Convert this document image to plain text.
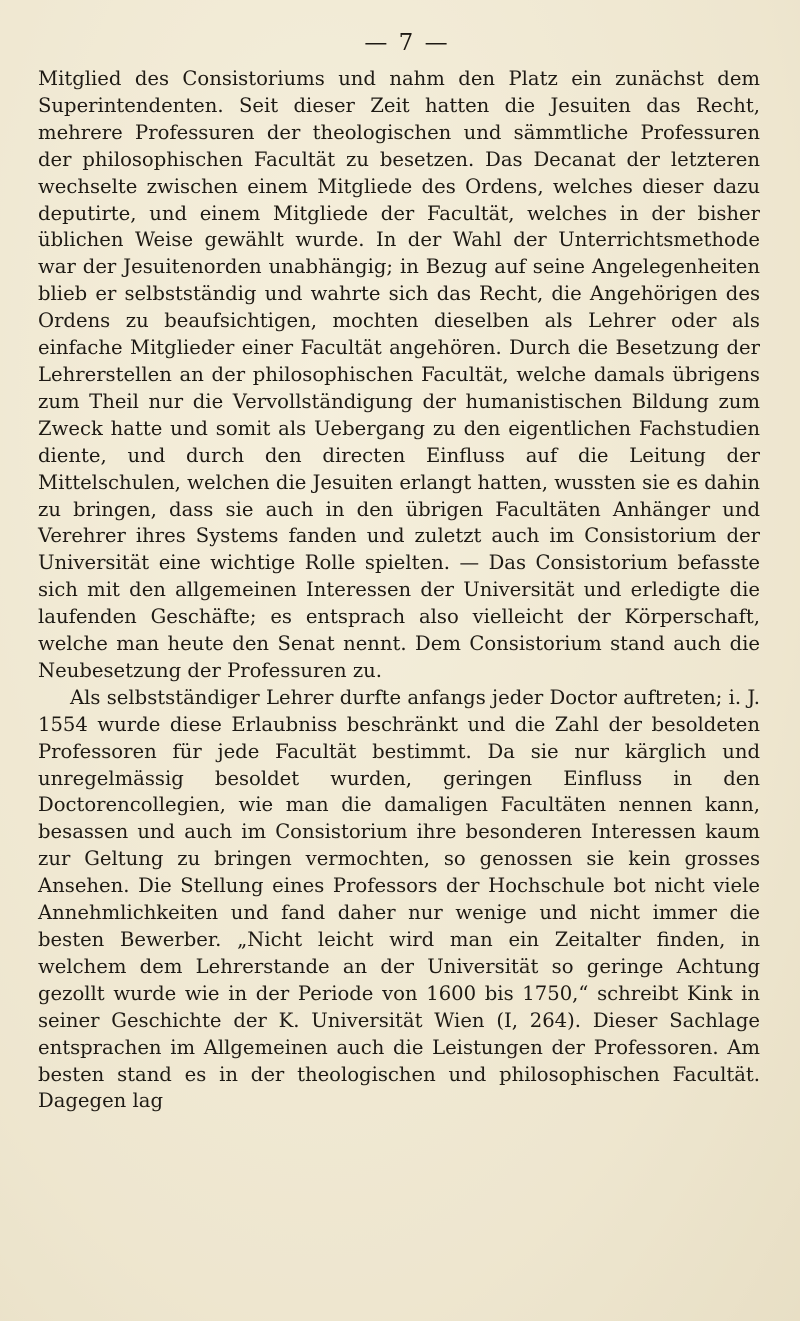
— 7 —

Mitglied des Consistoriums und nahm den Platz ein zunächst dem Superintendenten. Seit dieser Zeit hatten die Jesuiten das Recht, mehrere Professuren der theologischen und sämmtliche Professuren der philosophischen Facultät zu besetzen. Das Decanat der letzteren wechselte zwischen einem Mitgliede des Ordens, welches dieser dazu deputirte, und einem Mitgliede der Facultät, welches in der bisher üblichen Weise gewählt wurde. In der Wahl der Unterrichtsmethode war der Jesuitenorden unabhängig; in Bezug auf seine Angelegenheiten blieb er selbstständig und wahrte sich das Recht, die Angehörigen des Ordens zu beaufsichtigen, mochten dieselben als Lehrer oder als einfache Mitglieder einer Facultät angehören. Durch die Besetzung der Lehrerstellen an der philosophischen Facultät, welche damals übrigens zum Theil nur die Vervollständigung der humanistischen Bildung zum Zweck hatte und somit als Uebergang zu den eigentlichen Fachstudien diente, und durch den directen Einfluss auf die Leitung der Mittelschulen, welchen die Jesuiten erlangt hatten, wussten sie es dahin zu bringen, dass sie auch in den übrigen Facultäten Anhänger und Verehrer ihres Systems fanden und zuletzt auch im Consistorium der Universität eine wichtige Rolle spielten. — Das Consistorium befasste sich mit den allgemeinen Interessen der Universität und erledigte die laufenden Geschäfte; es entsprach also vielleicht der Körperschaft, welche man heute den Senat nennt. Dem Consistorium stand auch die Neubesetzung der Professuren zu.

Als selbstständiger Lehrer durfte anfangs jeder Doctor auftreten; i. J. 1554 wurde diese Erlaubniss beschränkt und die Zahl der besoldeten Professoren für jede Facultät bestimmt. Da sie nur kärglich und unregelmässig besoldet wurden, geringen Einfluss in den Doctorencollegien, wie man die damaligen Facultäten nennen kann, besassen und auch im Consistorium ihre besonderen Interessen kaum zur Geltung zu bringen vermochten, so genossen sie kein grosses Ansehen. Die Stellung eines Professors der Hochschule bot nicht viele Annehmlichkeiten und fand daher nur wenige und nicht immer die besten Bewerber. „Nicht leicht wird man ein Zeitalter finden, in welchem dem Lehrerstande an der Universität so geringe Achtung gezollt wurde wie in der Periode von 1600 bis 1750,“ schreibt Kink in seiner Geschichte der K. Universität Wien (I, 264). Dieser Sachlage entsprachen im Allgemeinen auch die Leistungen der Professoren. Am besten stand es in der theologischen und philosophischen Facultät. Dagegen lag
